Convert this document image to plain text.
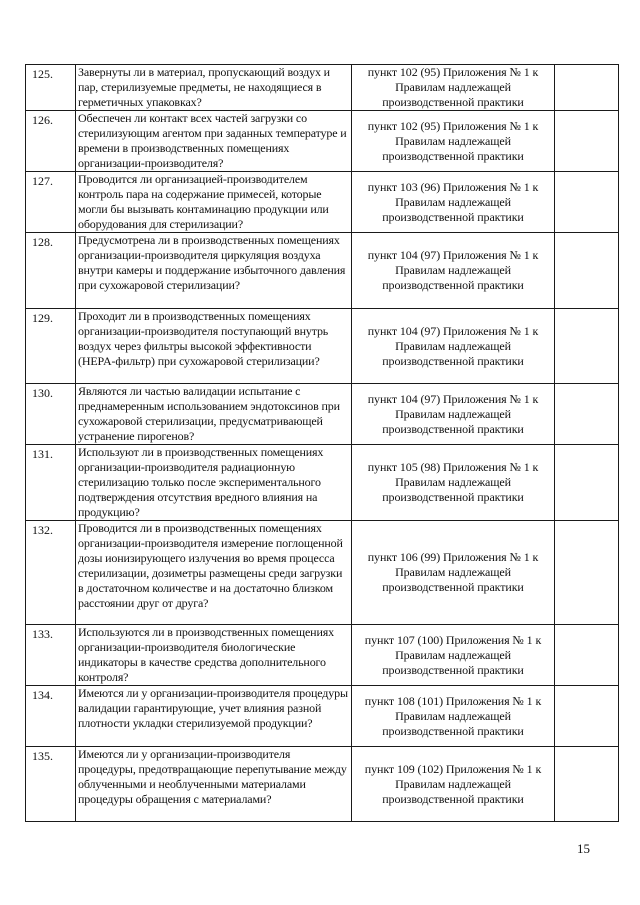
125.	Завернуты ли в материал, пропускающий воздух и пар, стерилизуемые предметы, не находящиеся в герметичных упаковках?	пункт 102 (95) Приложения № 1 к Правилам надлежащей производственной практики	
126.	Обеспечен ли контакт всех частей загрузки со стерилизующим агентом при заданных температуре и времени в производственных помещениях организации-производителя?	пункт 102 (95) Приложения № 1 к Правилам надлежащей производственной практики	
127.	Проводится ли организацией-производителем контроль пара на содержание примесей, которые могли бы вызывать контаминацию продукции или оборудования для стерилизации?	пункт 103 (96) Приложения № 1 к Правилам надлежащей производственной практики	
128.	Предусмотрена ли в производственных помещениях организации-производителя циркуляция воздуха внутри камеры и поддержание избыточного давления при сухожаровой стерилизации?	пункт 104 (97) Приложения № 1 к Правилам надлежащей производственной практики	
129.	Проходит ли в производственных помещениях организации-производителя поступающий внутрь воздух через фильтры высокой эффективности (HEPA-фильтр) при сухожаровой стерилизации?	пункт 104 (97) Приложения № 1 к Правилам надлежащей производственной практики	
130.	Являются ли частью валидации испытание с преднамеренным использованием эндотоксинов при сухожаровой стерилизации, предусматривающей устранение пирогенов?	пункт 104 (97) Приложения № 1 к Правилам надлежащей производственной практики	
131.	Используют ли в производственных помещениях организации-производителя радиационную стерилизацию только после экспериментального подтверждения отсутствия вредного влияния на продукцию?	пункт 105 (98) Приложения № 1 к Правилам надлежащей производственной практики	
132.	Проводится ли в производственных помещениях организации-производителя измерение поглощенной дозы ионизирующего излучения во время процесса стерилизации, дозиметры размещены среди загрузки в достаточном количестве и на достаточно близком расстоянии друг от друга?	пункт 106 (99) Приложения № 1 к Правилам надлежащей производственной практики	
133.	Используются ли в производственных помещениях организации-производителя биологические индикаторы в качестве средства дополнительного контроля?	пункт 107 (100) Приложения № 1 к Правилам надлежащей производственной практики	
134.	Имеются ли у организации-производителя процедуры валидации гарантирующие, учет влияния разной плотности укладки стерилизуемой продукции?	пункт 108 (101) Приложения № 1 к Правилам надлежащей производственной практики	
135.	Имеются ли у организации-производителя процедуры, предотвращающие перепутывание между облученными и необлученными материалами процедуры обращения с материалами?	пункт 109 (102) Приложения № 1 к Правилам надлежащей производственной практики	
15
